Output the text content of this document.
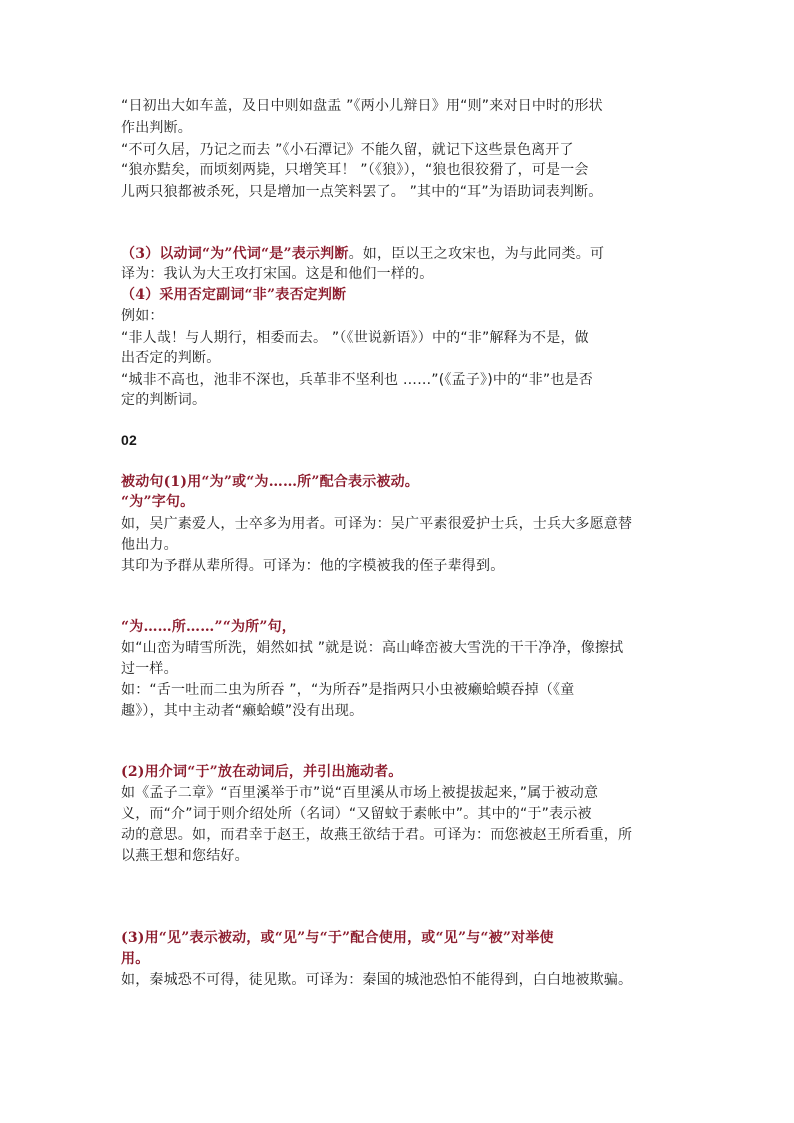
“日初出大如车盖，及日中则如盘盂 ”《两小儿辩日》用“则”来对日中时的形状
作出判断。
“不可久居，乃记之而去 ”《小石潭记》不能久留，就记下这些景色离开了
“狼亦黠矣，而顷刻两毙，只增笑耳！ ”（《狼》），“狼也很狡猾了，可是一会
儿两只狼都被杀死，只是增加一点笑料罢了。 ”其中的“耳”为语助词表判断。
（3）以动词“为”代词“是”表示判断。如，臣以王之攻宋也，为与此同类。可
译为：我认为大王攻打宋国。这是和他们一样的。
（4）采用否定副词“非”表否定判断
例如：
“非人哉！与人期行，相委而去。 ”（《世说新语》）中的“非”解释为不是，做
出否定的判断。
“城非不高也，池非不深也，兵革非不坚利也 ……”(《孟子》)中的“非”也是否
定的判断词。
02
被动句(1)用“为”或“为……所”配合表示被动。
“为”字句。
如，吴广素爱人，士卒多为用者。可译为：吴广平素很爱护士兵，士兵大多愿意替
他出力。
其印为予群从辈所得。可译为：他的字模被我的侄子辈得到。
“为……所……”“为所”句，
如“山峦为晴雪所洗，娟然如拭 ”就是说：高山峰峦被大雪洗的干干净净，像擦拭
过一样。
如：“舌一吐而二虫为所吞 ”，“为所吞”是指两只小虫被癞蛤蟆吞掉（《童
趣》），其中主动者“癞蛤蟆”没有出现。
(2)用介词“于”放在动词后，并引出施动者。
如《孟子二章》“百里溪举于市”说“百里溪从市场上被提拔起来，”属于被动意
义，而“介”词于则介绍处所（名词）“又留蚊于素帐中”。其中的“于”表示被
动的意思。如，而君幸于赵王，故燕王欲结于君。可译为：而您被赵王所看重，所
以燕王想和您结好。
(3)用“见”表示被动，或“见”与“于”配合使用，或“见”与“被”对举使
用。
如，秦城恐不可得，徒见欺。可译为：秦国的城池恐怕不能得到，白白地被欺骗。
